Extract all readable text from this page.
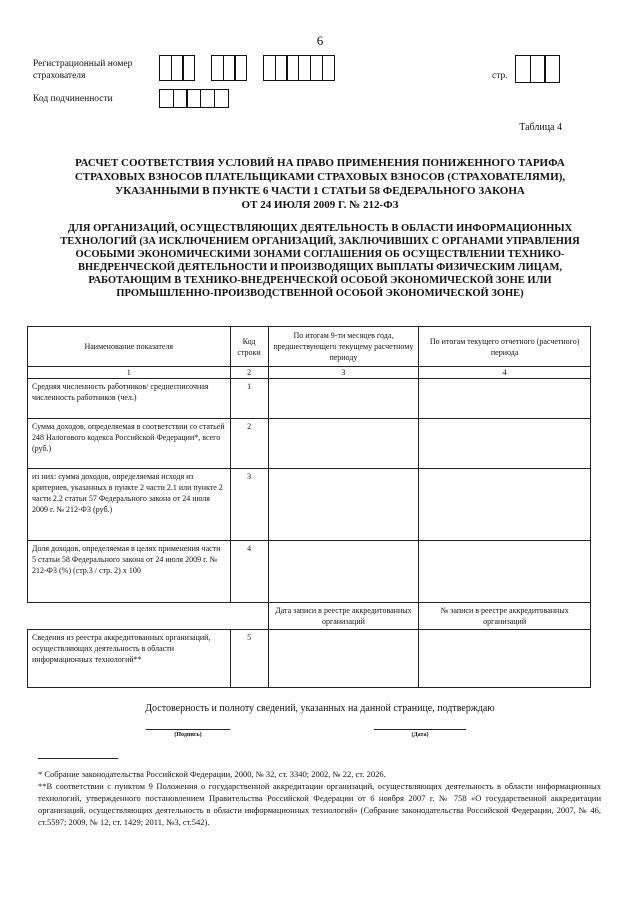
6
Регистрационный номер страхователя	стр.
Код подчиненности
Таблица 4
РАСЧЕТ СООТВЕТСТВИЯ УСЛОВИЙ НА ПРАВО ПРИМЕНЕНИЯ ПОНИЖЕННОГО ТАРИФА
СТРАХОВЫХ ВЗНОСОВ ПЛАТЕЛЬЩИКАМИ СТРАХОВЫХ ВЗНОСОВ (СТРАХОВАТЕЛЯМИ),
УКАЗАННЫМИ В ПУНКТЕ 6 ЧАСТИ 1 СТАТЬИ 58 ФЕДЕРАЛЬНОГО ЗАКОНА
ОТ 24 ИЮЛЯ 2009 Г. № 212-ФЗ
ДЛЯ ОРГАНИЗАЦИЙ, ОСУЩЕСТВЛЯЮЩИХ ДЕЯТЕЛЬНОСТЬ В ОБЛАСТИ ИНФОРМАЦИОННЫХ
ТЕХНОЛОГИЙ (ЗА ИСКЛЮЧЕНИЕМ ОРГАНИЗАЦИЙ, ЗАКЛЮЧИВШИХ С ОРГАНАМИ УПРАВЛЕНИЯ
ОСОБЫМИ ЭКОНОМИЧЕСКИМИ ЗОНАМИ СОГЛАШЕНИЯ ОБ ОСУЩЕСТВЛЕНИИ ТЕХНИКО-
ВНЕДРЕНЧЕСКОЙ ДЕЯТЕЛЬНОСТИ И ПРОИЗВОДЯЩИХ ВЫПЛАТЫ ФИЗИЧЕСКИМ ЛИЦАМ,
РАБОТАЮЩИМ В ТЕХНИКО-ВНЕДРЕНЧЕСКОЙ ОСОБОЙ ЭКОНОМИЧЕСКОЙ ЗОНЕ ИЛИ
ПРОМЫШЛЕННО-ПРОИЗВОДСТВЕННОЙ ОСОБОЙ ЭКОНОМИЧЕСКОЙ ЗОНЕ)
Наименование показателя	Код строки	По итогам 9-ти месяцев года, предшествующего текущему расчетному периоду	По итогам текущего отчетного (расчетного) периода
1	2	3	4
Средняя численность работников/ среднесписочная численность работников (чел.)	1		
Сумма доходов, определяемая в соответствии со статьей 248 Налогового кодекса Российской Федерации*, всего (руб.)	2		
из них: сумма доходов, определяемая исходя из критериев, указанных в пункте 2 части 2.1 или пункте 2 части 2.2 статьи 57 Федерального закона от 24 июля 2009 г. № 212-ФЗ (руб.)	3		
Доля доходов, определяемая в целях применения части 5 статьи 58 Федерального закона от 24 июля 2009 г. № 212-ФЗ (%) (стр.3 / стр. 2) х 100	4		
		Дата записи в реестре аккредитованных организаций	№ записи в реестре аккредитованных организаций
Сведения из реестра аккредитованных организаций, осуществляющих деятельность в области информационных технологий**	5		
Достоверность и полноту сведений, указанных на данной странице, подтверждаю
(Подпись)	(Дата)
* Собрание законодательства Российской Федерации, 2000, № 32, ст. 3340; 2002, № 22, ст. 2026.
**В соответствии с пунктом 9 Положения о государственной аккредитации организаций, осуществляющих деятельность в области информационных технологий, утвержденного постановлением Правительства Российской Федерации от 6 ноября 2007 г. № 758 «О государственной аккредитации организаций, осуществляющих деятельность в области информационных технологий» (Собрание законодательства Российской Федерации, 2007, № 46, ст.5597; 2009, № 12, ст. 1429; 2011, №3, ст.542).
